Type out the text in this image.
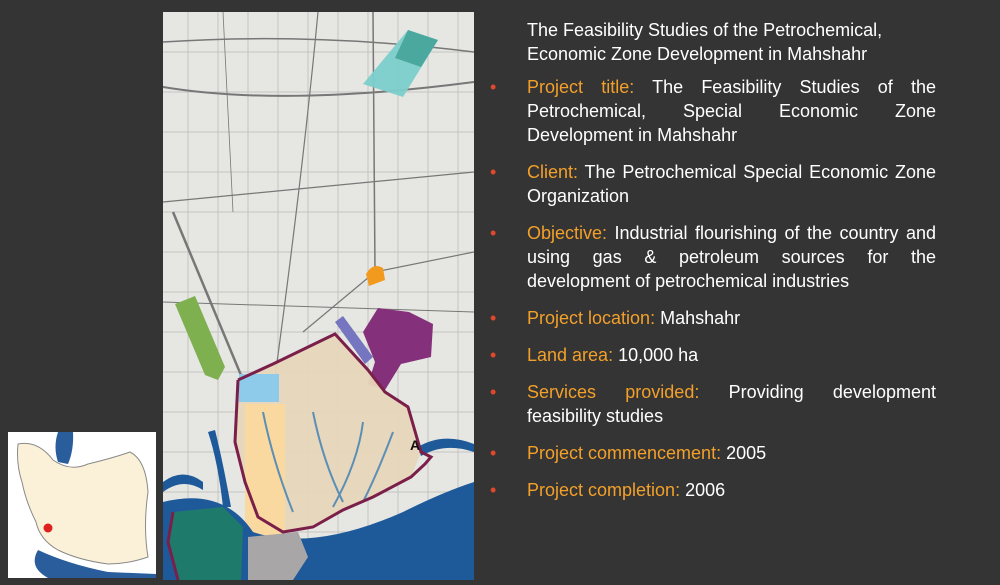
A
The Feasibility Studies of the Petrochemical,
Economic Zone Development in Mahshahr
• Project title: The Feasibility Studies of the Petrochemical, Special Economic Zone Development in Mahshahr
• Client: The Petrochemical Special Economic Zone Organization
• Objective: Industrial flourishing of the country and using gas & petroleum sources for the development of petrochemical industries
• Project location: Mahshahr
• Land area: 10,000 ha
• Services provided: Providing development feasibility studies
• Project commencement: 2005
• Project completion: 2006
